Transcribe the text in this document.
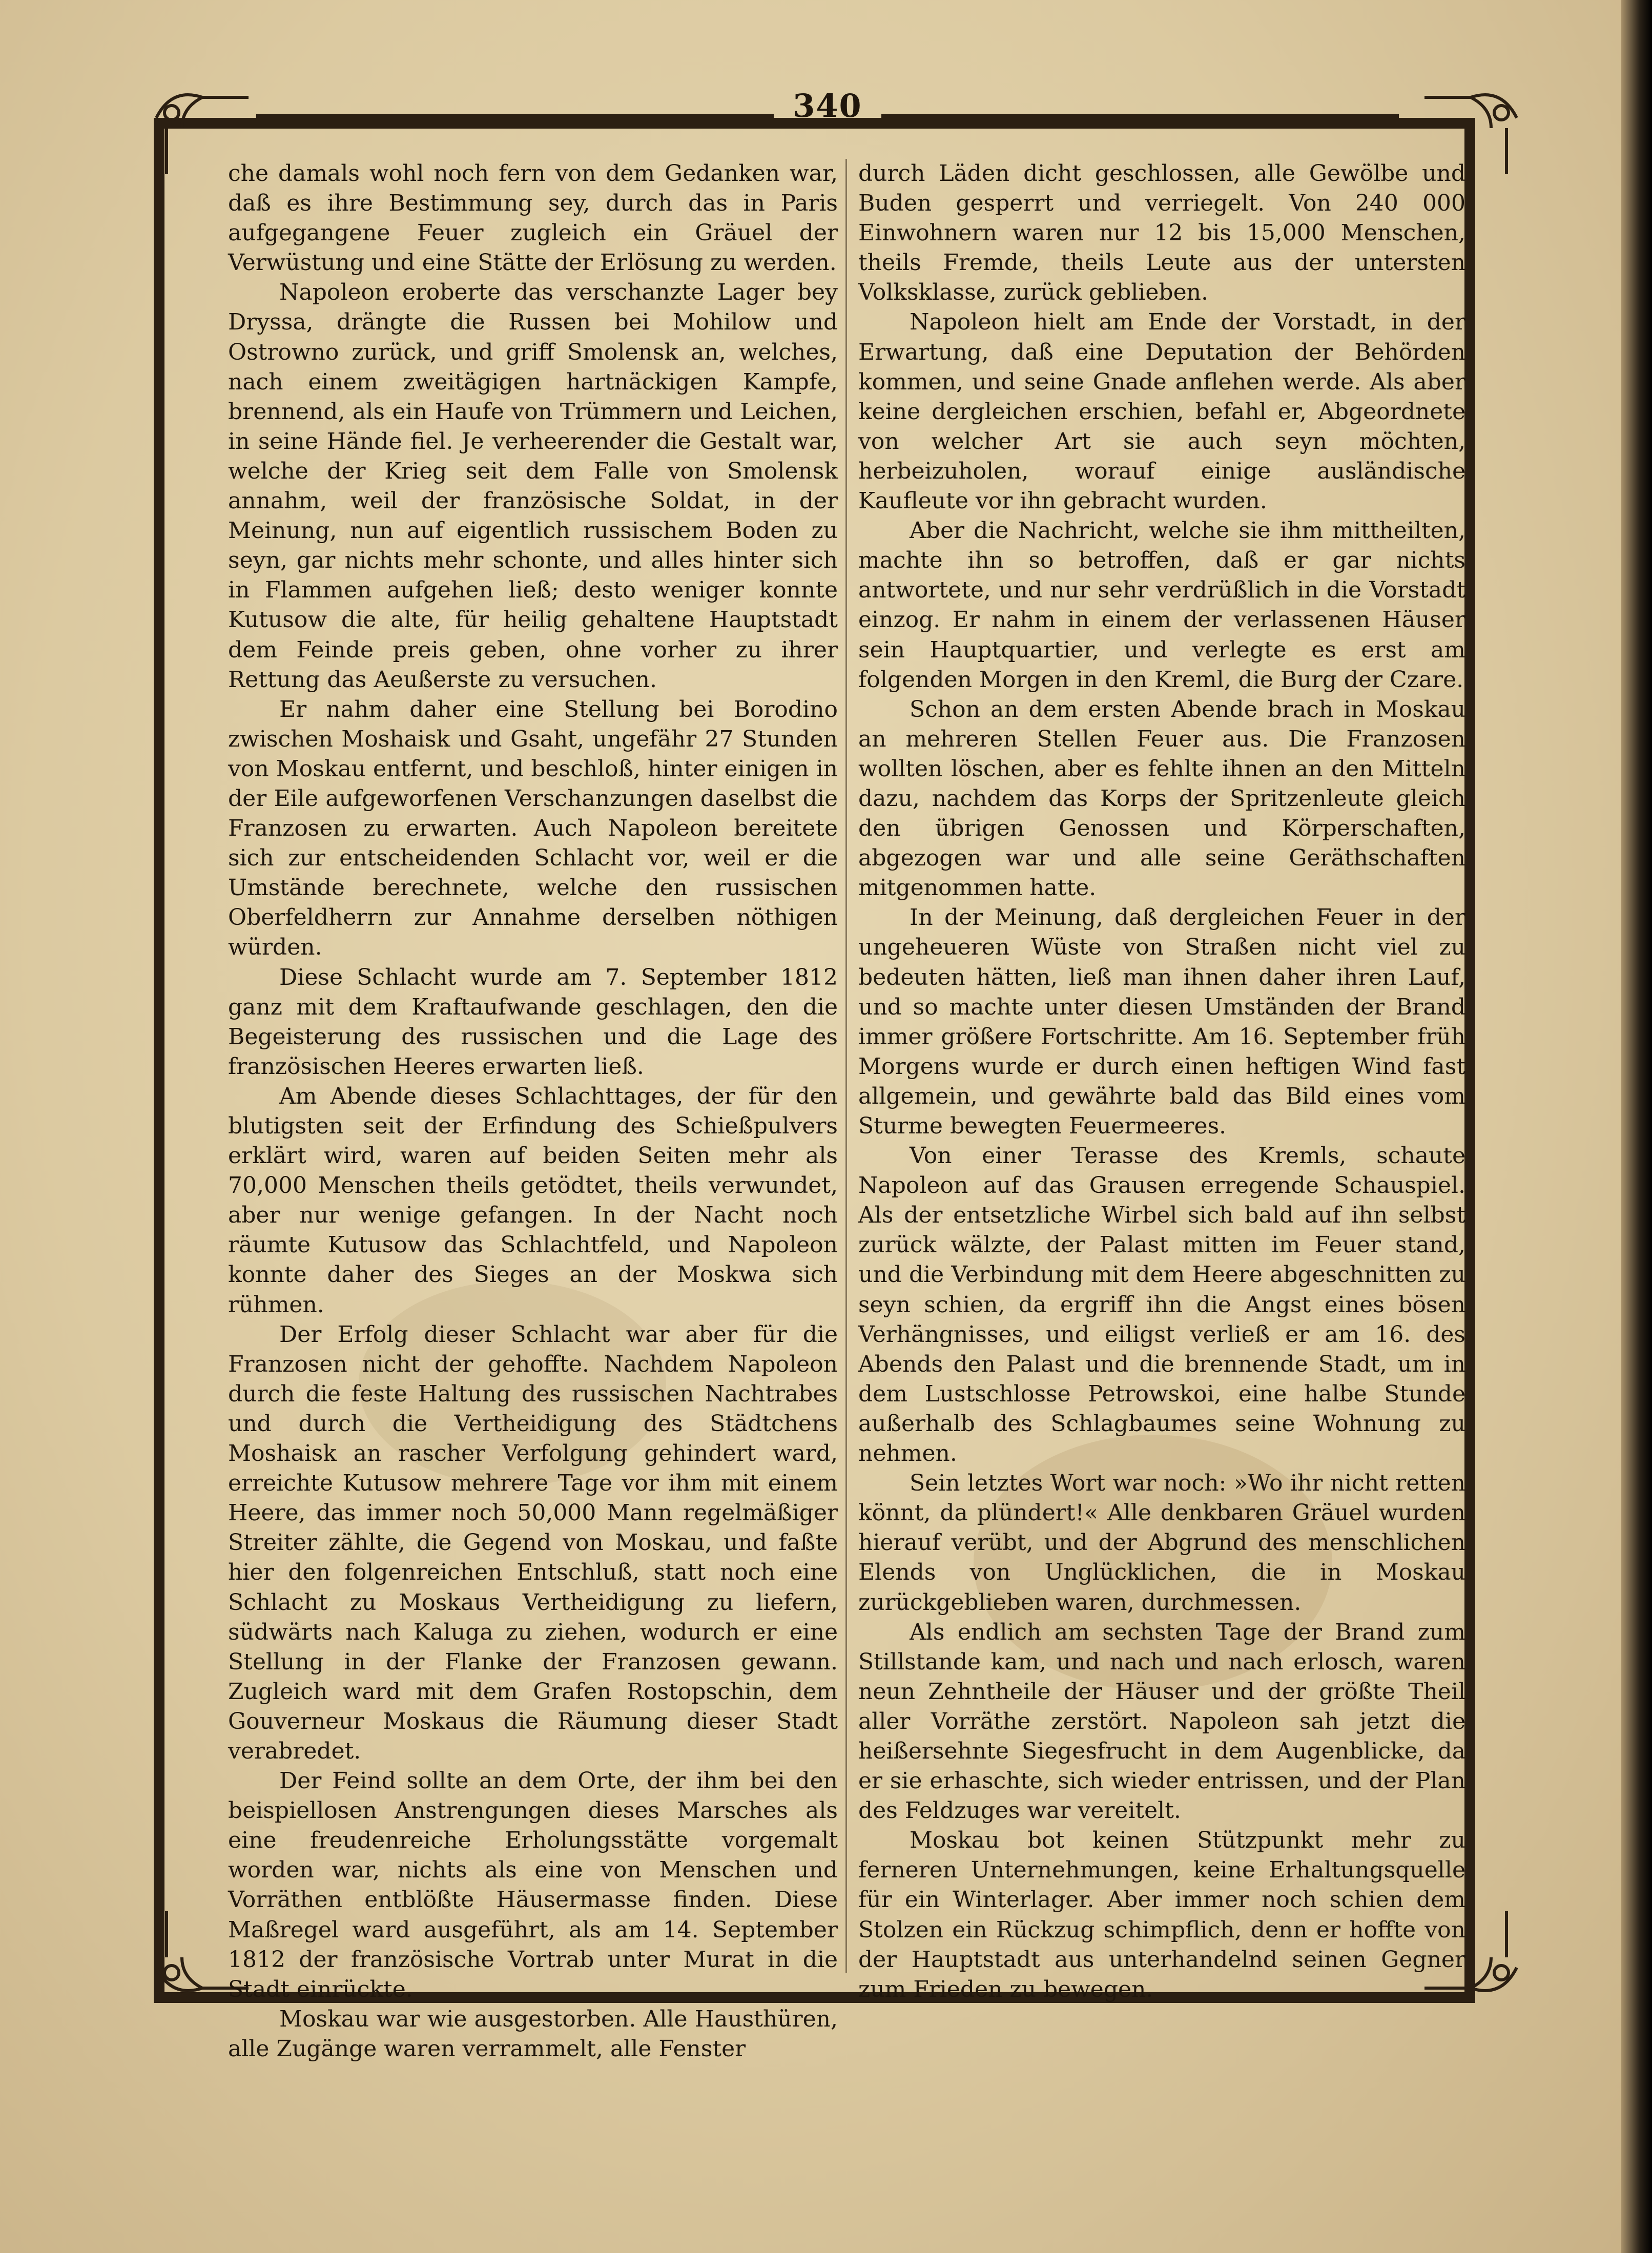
340

che damals wohl noch fern von dem Gedanken war, daß es ihre Bestimmung sey, durch das in Paris aufgegangene Feuer zugleich ein Gräuel der Verwüstung und eine Stätte der Erlösung zu werden.

Napoleon eroberte das verschanzte Lager bey Dryssa, drängte die Russen bei Mohilow und Ostrowno zurück, und griff Smolensk an, welches, nach einem zweitägigen hartnäckigen Kampfe, brennend, als ein Haufe von Trümmern und Leichen, in seine Hände fiel. Je verheerender die Gestalt war, welche der Krieg seit dem Falle von Smolensk annahm, weil der französische Soldat, in der Meinung, nun auf eigentlich russischem Boden zu seyn, gar nichts mehr schonte, und alles hinter sich in Flammen aufgehen ließ; desto weniger konnte Kutusow die alte, für heilig gehaltene Hauptstadt dem Feinde preis geben, ohne vorher zu ihrer Rettung das Aeußerste zu versuchen.

Er nahm daher eine Stellung bei Borodino zwischen Moshaisk und Gsaht, ungefähr 27 Stunden von Moskau entfernt, und beschloß, hinter einigen in der Eile aufgeworfenen Verschanzungen daselbst die Franzosen zu erwarten. Auch Napoleon bereitete sich zur entscheidenden Schlacht vor, weil er die Umstände berechnete, welche den russischen Oberfeldherrn zur Annahme derselben nöthigen würden.

Diese Schlacht wurde am 7. September 1812 ganz mit dem Kraftaufwande geschlagen, den die Begeisterung des russischen und die Lage des französischen Heeres erwarten ließ.

Am Abende dieses Schlachttages, der für den blutigsten seit der Erfindung des Schießpulvers erklärt wird, waren auf beiden Seiten mehr als 70,000 Menschen theils getödtet, theils verwundet, aber nur wenige gefangen. In der Nacht noch räumte Kutusow das Schlachtfeld, und Napoleon konnte daher des Sieges an der Moskwa sich rühmen.

Der Erfolg dieser Schlacht war aber für die Franzosen nicht der gehoffte. Nachdem Napoleon durch die feste Haltung des russischen Nachtrabes und durch die Vertheidigung des Städtchens Moshaisk an rascher Verfolgung gehindert ward, erreichte Kutusow mehrere Tage vor ihm mit einem Heere, das immer noch 50,000 Mann regelmäßiger Streiter zählte, die Gegend von Moskau, und faßte hier den folgenreichen Entschluß, statt noch eine Schlacht zu Moskaus Vertheidigung zu liefern, südwärts nach Kaluga zu ziehen, wodurch er eine Stellung in der Flanke der Franzosen gewann. Zugleich ward mit dem Grafen Rostopschin, dem Gouverneur Moskaus die Räumung dieser Stadt verabredet.

Der Feind sollte an dem Orte, der ihm bei den beispiellosen Anstrengungen dieses Marsches als eine freudenreiche Erholungsstätte vorgemalt worden war, nichts als eine von Menschen und Vorräthen entblößte Häusermasse finden. Diese Maßregel ward ausgeführt, als am 14. September 1812 der französische Vortrab unter Murat in die Stadt einrückte.

Moskau war wie ausgestorben. Alle Hausthüren, alle Zugänge waren verrammelt, alle Fenster

durch Läden dicht geschlossen, alle Gewölbe und Buden gesperrt und verriegelt. Von 240 000 Einwohnern waren nur 12 bis 15,000 Menschen, theils Fremde, theils Leute aus der untersten Volksklasse, zurück geblieben.

Napoleon hielt am Ende der Vorstadt, in der Erwartung, daß eine Deputation der Behörden kommen, und seine Gnade anflehen werde. Als aber keine dergleichen erschien, befahl er, Abgeordnete von welcher Art sie auch seyn möchten, herbeizuholen, worauf einige ausländische Kaufleute vor ihn gebracht wurden.

Aber die Nachricht, welche sie ihm mittheilten, machte ihn so betroffen, daß er gar nichts antwortete, und nur sehr verdrüßlich in die Vorstadt einzog. Er nahm in einem der verlassenen Häuser sein Hauptquartier, und verlegte es erst am folgenden Morgen in den Kreml, die Burg der Czare.

Schon an dem ersten Abende brach in Moskau an mehreren Stellen Feuer aus. Die Franzosen wollten löschen, aber es fehlte ihnen an den Mitteln dazu, nachdem das Korps der Spritzenleute gleich den übrigen Genossen und Körperschaften, abgezogen war und alle seine Geräthschaften mitgenommen hatte.

In der Meinung, daß dergleichen Feuer in der ungeheueren Wüste von Straßen nicht viel zu bedeuten hätten, ließ man ihnen daher ihren Lauf, und so machte unter diesen Umständen der Brand immer größere Fortschritte. Am 16. September früh Morgens wurde er durch einen heftigen Wind fast allgemein, und gewährte bald das Bild eines vom Sturme bewegten Feuermeeres.

Von einer Terasse des Kremls, schaute Napoleon auf das Grausen erregende Schauspiel. Als der entsetzliche Wirbel sich bald auf ihn selbst zurück wälzte, der Palast mitten im Feuer stand, und die Verbindung mit dem Heere abgeschnitten zu seyn schien, da ergriff ihn die Angst eines bösen Verhängnisses, und eiligst verließ er am 16. des Abends den Palast und die brennende Stadt, um in dem Lustschlosse Petrowskoi, eine halbe Stunde außerhalb des Schlagbaumes seine Wohnung zu nehmen.

Sein letztes Wort war noch: »Wo ihr nicht retten könnt, da plündert!« Alle denkbaren Gräuel wurden hierauf verübt, und der Abgrund des menschlichen Elends von Unglücklichen, die in Moskau zurückgeblieben waren, durchmessen.

Als endlich am sechsten Tage der Brand zum Stillstande kam, und nach und nach erlosch, waren neun Zehntheile der Häuser und der größte Theil aller Vorräthe zerstört. Napoleon sah jetzt die heißersehnte Siegesfrucht in dem Augenblicke, da er sie erhaschte, sich wieder entrissen, und der Plan des Feldzuges war vereitelt.

Moskau bot keinen Stützpunkt mehr zu ferneren Unternehmungen, keine Erhaltungsquelle für ein Winterlager. Aber immer noch schien dem Stolzen ein Rückzug schimpflich, denn er hoffte von der Hauptstadt aus unterhandelnd seinen Gegner zum Frieden zu bewegen.
